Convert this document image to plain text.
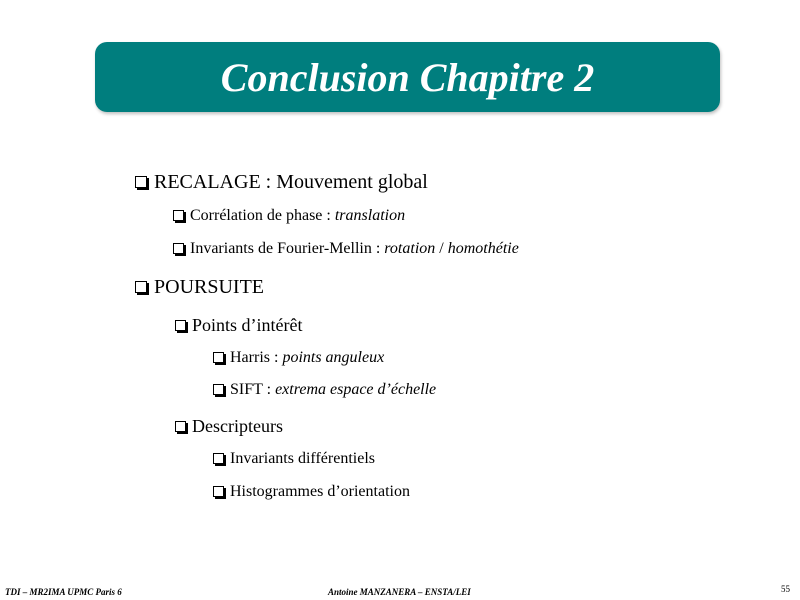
Conclusion Chapitre 2
RECALAGE : Mouvement global
Corrélation de phase : translation
Invariants de Fourier-Mellin : rotation / homothétie
POURSUITE
Points d’intérêt
Harris : points anguleux
SIFT : extrema espace d’échelle
Descripteurs
Invariants différentiels
Histogrammes d’orientation
TDI – MR2IMA UPMC Paris 6	Antoine MANZANERA – ENSTA/LEI	55
